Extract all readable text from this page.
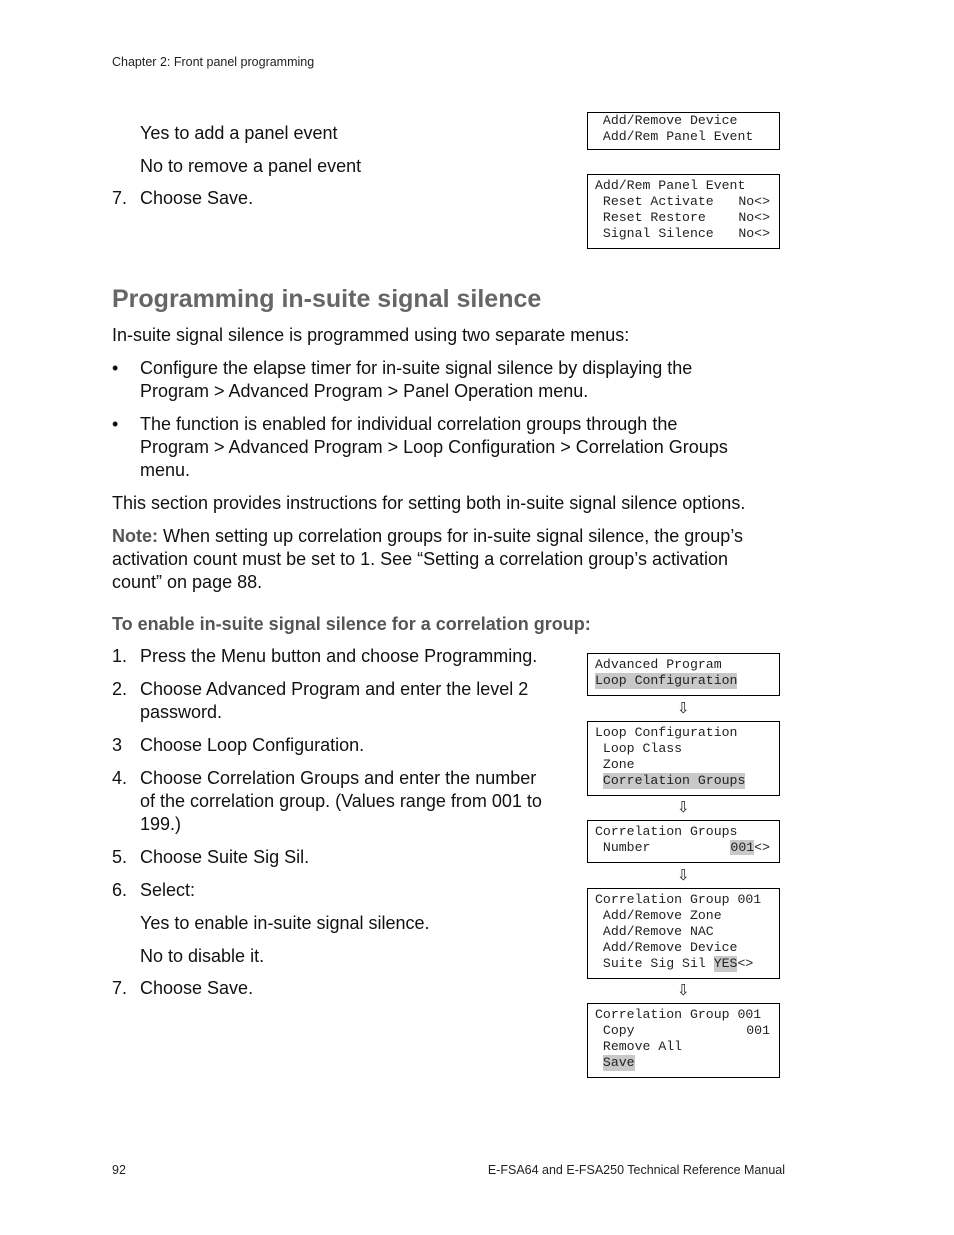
Chapter 2: Front panel programming
Yes to add a panel event
No to remove a panel event
7. Choose Save.

Add/Remove Device

Add/Rem Panel Event
Add/Rem Panel Event

Reset Activate No<>

Reset Restore No<>

Signal Silence No<>
Programming in-suite signal silence
In-suite signal silence is programmed using two separate menus:
• Configure the elapse timer for in-suite signal silence by displaying the
Program > Advanced Program > Panel Operation menu.
• The function is enabled for individual correlation groups through the
Program > Advanced Program > Loop Configuration > Correlation Groups
menu.
This section provides instructions for setting both in-suite signal silence options.
Note: When setting up correlation groups for in-suite signal silence, the group’s
activation count must be set to 1. See “Setting a correlation group’s activation
count” on page 88.
To enable in-suite signal silence for a correlation group:
1. Press the Menu button and choose Programming.
2. Choose Advanced Program and enter the level 2
password.
3 Choose Loop Configuration.
4. Choose Correlation Groups and enter the number
of the correlation group. (Values range from 001 to
199.)
5. Choose Suite Sig Sil.
6. Select:
Yes to enable in-suite signal silence.
No to disable it.
7. Choose Save.
Advanced Program
Loop Configuration
⇩
Loop Configuration

Loop Class

Zone

Correlation Groups
⇩
Correlation Groups

Number	001<>
⇩
Correlation Group 001

Add/Remove Zone

Add/Remove NAC

Add/Remove Device

Suite Sig Sil
YES <>
⇩
Correlation Group 001

Copy	001

Remove All

Save
92	E-FSA64 and E-FSA250 Technical Reference Manual
